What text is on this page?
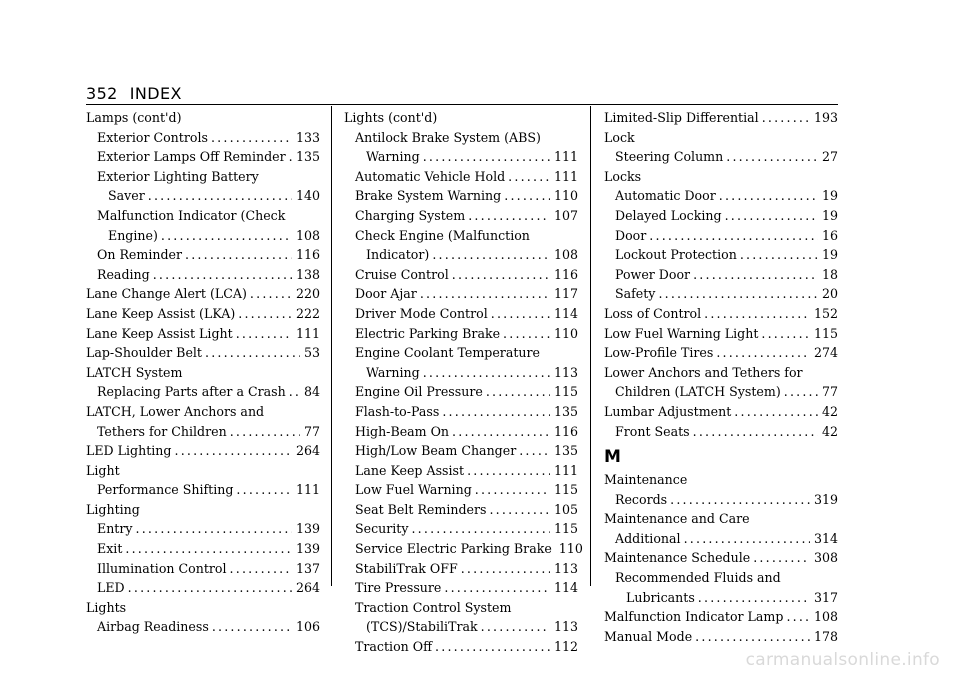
352 INDEX
Lamps (cont'd)
Exterior Controls .....	133
Exterior Lamps Off Reminder ..... 135
Exterior Lighting Battery
Saver .....	140
Malfunction Indicator (Check
Engine) .....	108
On Reminder .....	116
Reading .....	138
Lane Change Alert (LCA) .....	220
Lane Keep Assist (LKA) .....	222
Lane Keep Assist Light .....	111
Lap-Shoulder Belt .....	53
LATCH System
Replacing Parts after a Crash ..... 84
LATCH, Lower Anchors and
Tethers for Children .....	77
LED Lighting .....	264
Light
Performance Shifting .....	111
Lighting
Entry .....	139
Exit .....	139
Illumination Control .....	137
LED .....	264
Lights
Airbag Readiness .....	106
Lights (cont'd)
Antilock Brake System (ABS)
Warning .....	111
Automatic Vehicle Hold .....	111
Brake System Warning .....	110
Charging System .....	107
Check Engine (Malfunction
Indicator) .....	108
Cruise Control .....	116
Door Ajar .....	117
Driver Mode Control .....	114
Electric Parking Brake .....	110
Engine Coolant Temperature
Warning .....	113
Engine Oil Pressure .....	115
Flash-to-Pass .....	135
High-Beam On .....	116
High/Low Beam Changer .....	135
Lane Keep Assist .....	111
Low Fuel Warning .....	115
Seat Belt Reminders .....	105
Security .....	115
Service Electric Parking Brake 110
StabiliTrak OFF .....	113
Tire Pressure .....	114
Traction Control System
(TCS)/StabiliTrak .....	113
Traction Off .....	112
Limited-Slip Differential .....	193
Lock
Steering Column .....	27
Locks
Automatic Door .....	19
Delayed Locking .....	19
Door .....	16
Lockout Protection .....	19
Power Door .....	18
Safety .....	20
Loss of Control .....	152
Low Fuel Warning Light .....	115
Low-Profile Tires .....	274
Lower Anchors and Tethers for
Children (LATCH System) .....	77
Lumbar Adjustment .....	42
Front Seats .....	42
M
Maintenance
Records .....	319
Maintenance and Care
Additional .....	314
Maintenance Schedule .....	308
Recommended Fluids and
Lubricants .....	317
Malfunction Indicator Lamp ..... 108
Manual Mode .....	178
carmanualsonline.info
